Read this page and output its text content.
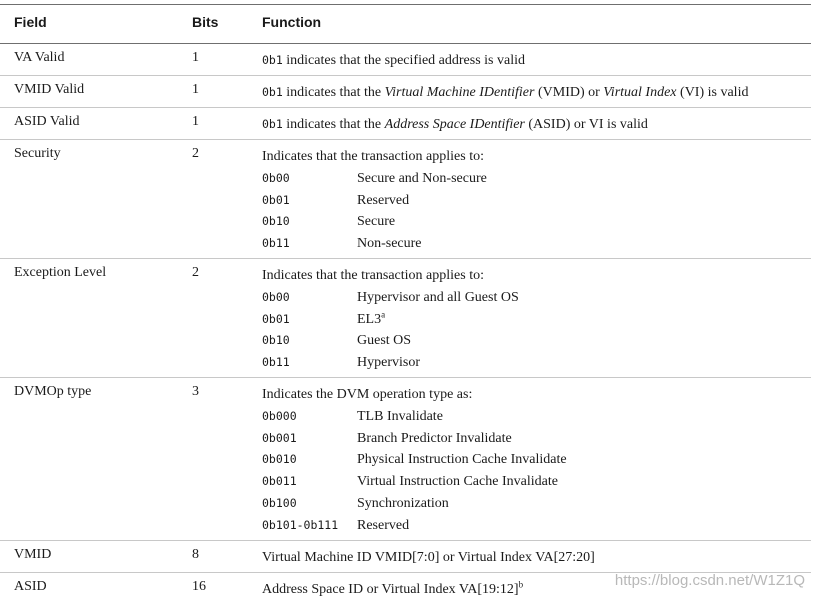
Field	Bits	Function
VA Valid	1	0b1 indicates that the specified address is valid
VMID Valid	1	0b1 indicates that the Virtual Machine IDentifier (VMID) or Virtual Index (VI) is valid
ASID Valid	1	0b1 indicates that the Address Space IDentifier (ASID) or VI is valid
Security	2	Indicates that the transaction applies to:
0b00	Secure and Non-secure
0b01	Reserved
0b10	Secure
0b11	Non-secure
Exception Level	2	Indicates that the transaction applies to:
0b00	Hypervisor and all Guest OS
0b01	EL3$^a$
0b10	Guest OS
0b11	Hypervisor
DVMOp type	3	Indicates the DVM operation type as:
0b000	TLB Invalidate
0b001	Branch Predictor Invalidate
0b010	Physical Instruction Cache Invalidate
0b011	Virtual Instruction Cache Invalidate
0b100	Synchronization
0b101-0b111 Reserved
VMID	8	Virtual Machine ID VMID[7:0] or Virtual Index VA[27:20]
ASID	16	Address Space ID or Virtual Index VA[19:12]$^b$	https://blog.csdn.net/W1Z1Q
